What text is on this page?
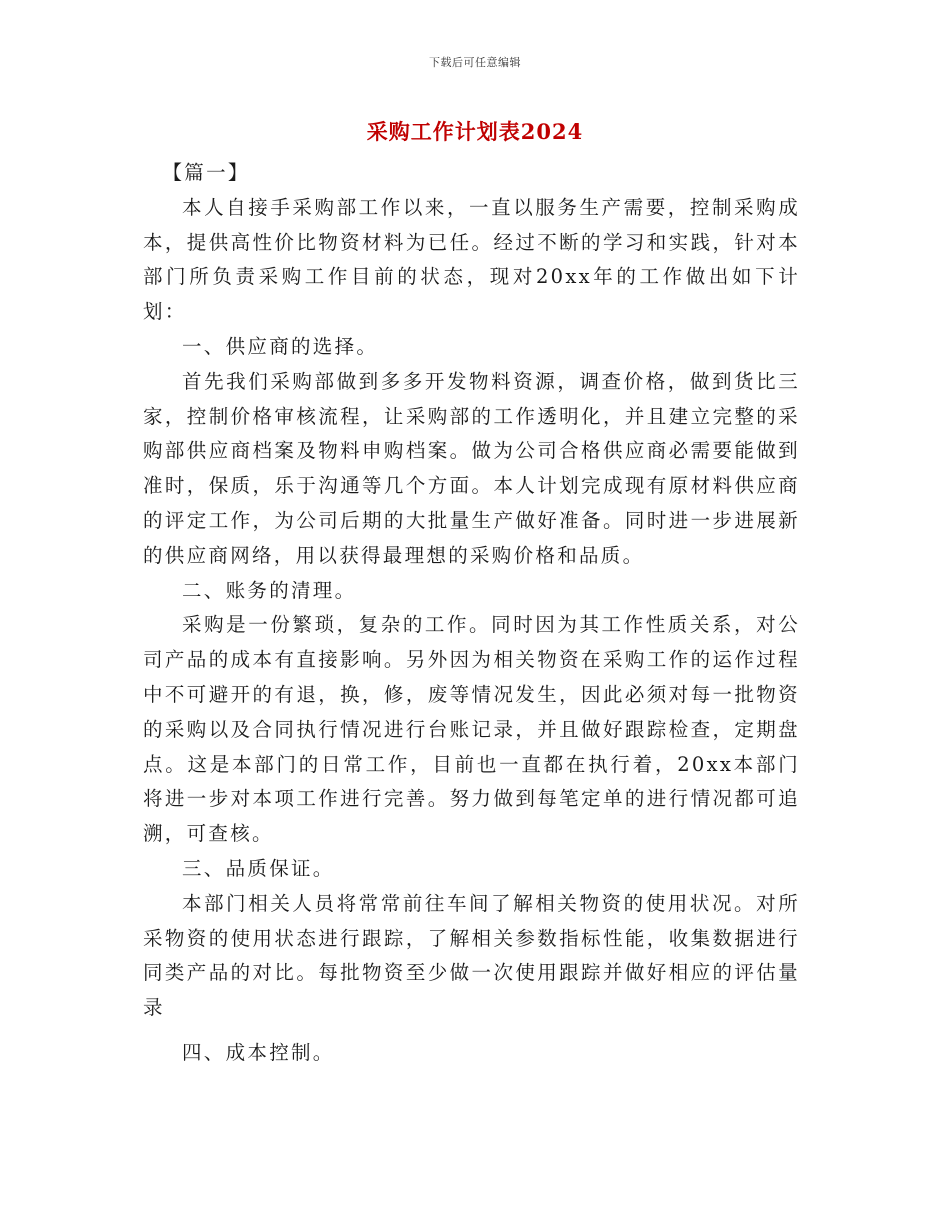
下载后可任意编辑
采购工作计划表2024

【篇一】

本人自接手采购部工作以来，一直以服务生产需要，控制采购成本，提供高性价比物资材料为已任。经过不断的学习和实践，针对本部门所负责采购工作目前的状态，现对20xx年的工作做出如下计划：

一、供应商的选择。

首先我们采购部做到多多开发物料资源，调查价格，做到货比三家，控制价格审核流程，让采购部的工作透明化，并且建立完整的采购部供应商档案及物料申购档案。做为公司合格供应商必需要能做到准时，保质，乐于沟通等几个方面。本人计划完成现有原材料供应商的评定工作，为公司后期的大批量生产做好准备。同时进一步进展新的供应商网络，用以获得最理想的采购价格和品质。

二、账务的清理。

采购是一份繁琐，复杂的工作。同时因为其工作性质关系，对公司产品的成本有直接影响。另外因为相关物资在采购工作的运作过程中不可避开的有退，换，修，废等情况发生，因此必须对每一批物资的采购以及合同执行情况进行台账记录，并且做好跟踪检查，定期盘点。这是本部门的日常工作，目前也一直都在执行着，20xx本部门将进一步对本项工作进行完善。努力做到每笔定单的进行情况都可追溯，可查核。

三、品质保证。

本部门相关人员将常常前往车间了解相关物资的使用状况。对所采物资的使用状态进行跟踪，了解相关参数指标性能，收集数据进行同类产品的对比。每批物资至少做一次使用跟踪并做好相应的评估量录

四、成本控制。
